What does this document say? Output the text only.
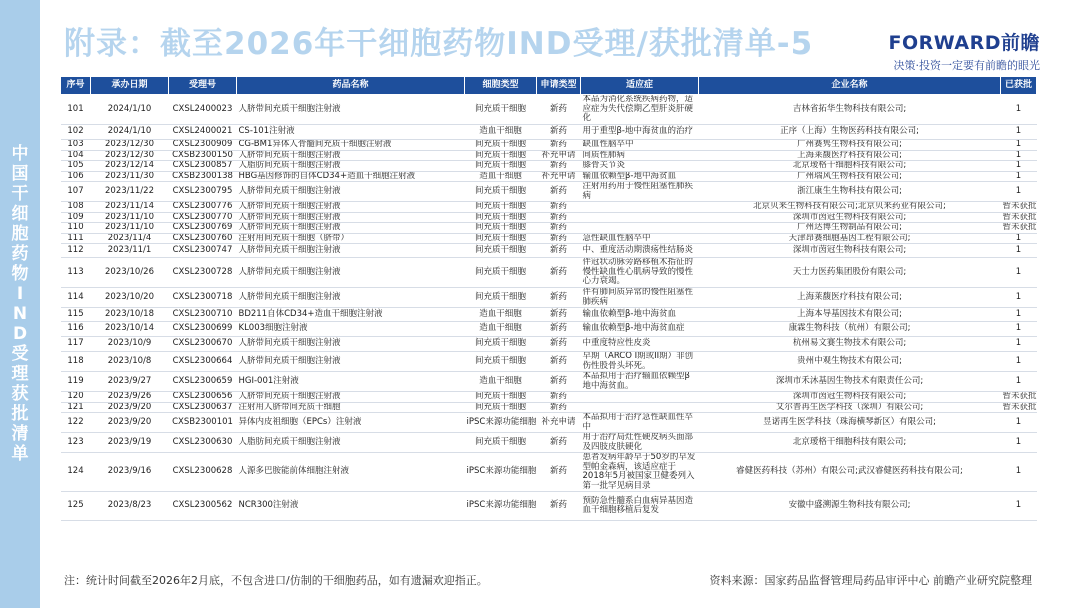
中国干细胞药物IND受理获批清单
附录：截至2026年干细胞药物IND受理/获批清单-5	FORWARD前瞻
决策·投资一定要有前瞻的眼光
序号	承办日期	受理号	药品名称	细胞类型	申请类型	适应症	企业名称	已获批
101	2024/1/10	CXSL2400023	人脐带间充质干细胞注射液	间充质干细胞	新药	本品为消化系统疾病药物，适应症为失代偿期乙型肝炎肝硬化	吉林省拓华生物科技有限公司;	1
102	2024/1/10	CXSL2400021	CS-101注射液	造血干细胞	新药	用于重型β-地中海贫血的治疗	正序（上海）生物医药科技有限公司;	1
103	2023/12/30	CXSL2300909	CG-BM1异体人骨髓间充质干细胞注射液	间充质干细胞	新药	缺血性脑卒中	广州赛隽生物科技有限公司;	1
104	2023/12/30	CXSB2300150	人脐带间充质干细胞注射液	间充质干细胞	补充申请	间质性肺病	上海莱馥医疗科技有限公司;	1
105	2023/12/14	CXSL2300857	人脂肪间充质干细胞注射液	间充质干细胞	新药	膝骨关节炎	北京瑷格干细胞科技有限公司;	1
106	2023/11/30	CXSB2300138	HBG基因修饰的自体CD34+造血干细胞注射液	造血干细胞	补充申请	输血依赖型β-地中海贫血	广州瑞风生物科技有限公司;	1
107	2023/11/22	CXSL2300795	人脐带间充质干细胞注射液	间充质干细胞	新药	注射用药用于慢性阻塞性肺疾病	浙江康生生物科技有限公司;	1
108	2023/11/14	CXSL2300776	人脐带间充质干细胞注射液	间充质干细胞	新药		北京贝来生物科技有限公司;北京贝来药业有限公司;	暂未获批
109	2023/11/10	CXSL2300770	人脐带间充质干细胞注射液	间充质干细胞	新药		深圳市茵冠生物科技有限公司;	暂未获批
110	2023/11/10	CXSL2300769	人脐带间充质干细胞注射液	间充质干细胞	新药		广州达博生物制品有限公司;	暂未获批
111	2023/11/4	CXSL2300760	注射用间充质干细胞（脐带）	间充质干细胞	新药	急性缺血性脑卒中	天津昂赛细胞基因工程有限公司;	1
112	2023/11/1	CXSL2300747	人脐带间充质干细胞注射液	间充质干细胞	新药	中、重度活动期溃疡性结肠炎	深圳市茵冠生物科技有限公司;	1
113	2023/10/26	CXSL2300728	人脐带间充质干细胞注射液	间充质干细胞	新药	伴冠状动脉旁路移植术指征的慢性缺血性心肌病导致的慢性心力衰竭。	天士力医药集团股份有限公司;	1
114	2023/10/20	CXSL2300718	人脐带间充质干细胞注射液	间充质干细胞	新药	伴有肺间质异常的慢性阻塞性肺疾病	上海莱馥医疗科技有限公司;	1
115	2023/10/18	CXSL2300710	BD211自体CD34+造血干细胞注射液	造血干细胞	新药	输血依赖型β-地中海贫血	上海本导基因技术有限公司;	1
116	2023/10/14	CXSL2300699	KL003细胞注射液	造血干细胞	新药	输血依赖型β-地中海贫血症	康霖生物科技（杭州）有限公司;	1
117	2023/10/9	CXSL2300670	人脐带间充质干细胞注射液	间充质干细胞	新药	中重度特应性皮炎	杭州易文赛生物技术有限公司;	1
118	2023/10/8	CXSL2300664	人脐带间充质干细胞注射液	间充质干细胞	新药	早期（ARCO I期或II期）非创伤性股骨头坏死。	贵州中观生物技术有限公司;	1
119	2023/9/27	CXSL2300659	HGI-001注射液	造血干细胞	新药	本品拟用于治疗输血依赖型β地中海贫血。	深圳市禾沐基因生物技术有限责任公司;	1
120	2023/9/26	CXSL2300656	人脐带间充质干细胞注射液	间充质干细胞	新药		深圳市茵冠生物科技有限公司;	暂未获批
121	2023/9/20	CXSL2300637	注射用人脐带间充质干细胞	间充质干细胞	新药		艾尔普再生医学科技（深圳）有限公司;	暂未获批
122	2023/9/20	CXSB2300101	异体内皮祖细胞（EPCs）注射液	iPSC来源功能细胞	补充申请	本品拟用于治疗急性缺血性卒中	昱诺再生医学科技（珠海横琴新区）有限公司;	1
123	2023/9/19	CXSL2300630	人脂肪间充质干细胞注射液	间充质干细胞	新药	用于治疗局灶性硬皮病头面部及四肢皮肤硬化	北京瑷格干细胞科技有限公司;	1
124	2023/9/16	CXSL2300628	人源多巴胺能前体细胞注射液	iPSC来源功能细胞	新药	患者发病年龄早于50岁的早发型帕金森病，该适应症于2018年5月被国家卫健委列入第一批罕见病目录	睿健医药科技（苏州）有限公司;武汉睿健医药科技有限公司;	1
125	2023/8/23	CXSL2300562	NCR300注射液	iPSC来源功能细胞	新药	预防急性髓系白血病异基因造血干细胞移植后复发	安徽中盛溯源生物科技有限公司;	1
注：统计时间截至2026年2月底，不包含进口/仿制的干细胞药品，如有遗漏欢迎指正。	资料来源：国家药品监督管理局药品审评中心 前瞻产业研究院整理
